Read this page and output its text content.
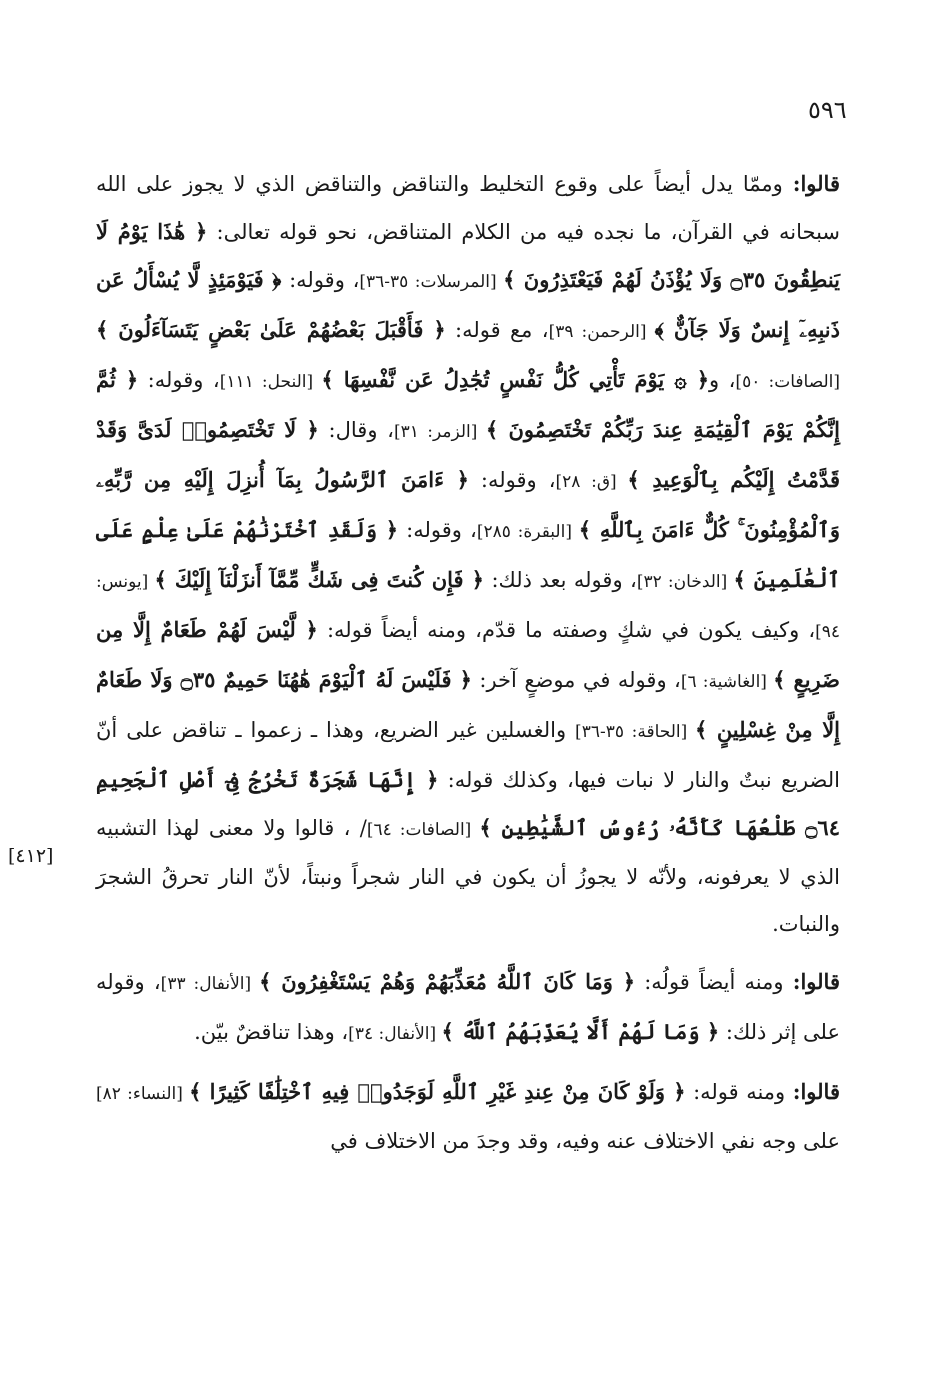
٥٩٦
[٤١٢]

قالوا: وممّا يدل أيضاً على وقوع التخليط والتناقض والتناقض الذي لا يجوز على الله سبحانه في القرآن، ما نجده فيه من الكلام المتناقض، نحو قوله تعالى: ﴿ هَٰذَا يَوْمُ لَا يَنطِقُونَ ۝٣٥ وَلَا يُؤْذَنُ لَهُمْ فَيَعْتَذِرُونَ ﴾ [المرسلات: ٣٥-٣٦]، وقوله: ﴿ فَيَوْمَئِذٍ لَّا يُسْأَلُ عَن ذَنبِهِۦٓ إِنسٌ وَلَا جَآنٌّ ﴾ [الرحمن: ٣٩]، مع قوله: ﴿ فَأَقْبَلَ بَعْضُهُمْ عَلَىٰ بَعْضٍ يَتَسَآءَلُونَ ﴾ [الصافات: ٥٠]، و﴿ ۞ يَوْمَ تَأْتِي كُلُّ نَفْسٍ تُجَٰدِلُ عَن نَّفْسِهَا ﴾ [النحل: ١١١]، وقوله: ﴿ ثُمَّ إِنَّكُمْ يَوْمَ ٱلْقِيَٰمَةِ عِندَ رَبِّكُمْ تَخْتَصِمُونَ ﴾ [الزمر: ٣١]، وقال: ﴿ لَا تَخْتَصِمُوا۟ لَدَىَّ وَقَدْ قَدَّمْتُ إِلَيْكُم بِٱلْوَعِيدِ ﴾ [ق: ٢٨]، وقوله: ﴿ ءَامَنَ ٱلرَّسُولُ بِمَآ أُنزِلَ إِلَيْهِ مِن رَّبِّهِۦ وَٱلْمُؤْمِنُونَ ۚ كُلٌّ ءَامَنَ بِٱللَّهِ ﴾ [البقرة: ٢٨٥]، وقوله: ﴿ وَلَقَدِ ٱخْتَرْنَٰهُمْ عَلَىٰ عِلْمٍ عَلَى ٱلْعَٰلَمِينَ ﴾ [الدخان: ٣٢]، وقوله بعد ذلك: ﴿ فَإِن كُنتَ فِى شَكٍّ مِّمَّآ أَنزَلْنَآ إِلَيْكَ ﴾ [يونس: ٩٤]، وكيف يكون في شكٍ وصفته ما قدّم، ومنه أيضاً قوله: ﴿ لَّيْسَ لَهُمْ طَعَامٌ إِلَّا مِن ضَرِيعٍ ﴾ [الغاشية: ٦]، وقوله في موضعٍ آخر: ﴿ فَلَيْسَ لَهُ ٱلْيَوْمَ هَٰهُنَا حَمِيمٌ ۝٣٥ وَلَا طَعَامٌ إِلَّا مِنْ غِسْلِينٍ ﴾ [الحاقة: ٣٥-٣٦] والغسلين غير الضريع، وهذا ـ زعموا ـ تناقض على أنّ الضريع نبتٌ والنار لا نبات فيها، وكذلك قوله: ﴿ إِنَّهَا شَجَرَةٌ تَخْرُجُ فِىٓ أَصْلِ ٱلْجَحِيمِ ۝٦٤ طَلْعُهَا كَأَنَّهُۥ رُءُوسُ ٱلشَّيَٰطِينِ ﴾ [الصافات: ٦٤]/ ، قالوا ولا معنى لهذا التشبيه الذي لا يعرفونه، ولأنّه لا يجوزُ أن يكون في النار شجراً ونبتاً، لأنّ النار تحرقُ الشجرَ والنبات.

قالوا: ومنه أيضاً قولُه: ﴿ وَمَا كَانَ ٱللَّهُ مُعَذِّبَهُمْ وَهُمْ يَسْتَغْفِرُونَ ﴾ [الأنفال: ٣٣]، وقوله على إثر ذلك: ﴿ وَمَا لَهُمْ أَلَّا يُعَذِّبَهُمُ ٱللَّهُ ﴾ [الأنفال: ٣٤]، وهذا تناقضٌ بيّن.

قالوا: ومنه قوله: ﴿ وَلَوْ كَانَ مِنْ عِندِ غَيْرِ ٱللَّهِ لَوَجَدُوا۟ فِيهِ ٱخْتِلَٰفًا كَثِيرًا ﴾ [النساء: ٨٢] على وجه نفي الاختلاف عنه وفيه، وقد وجدَ من الاختلاف في
